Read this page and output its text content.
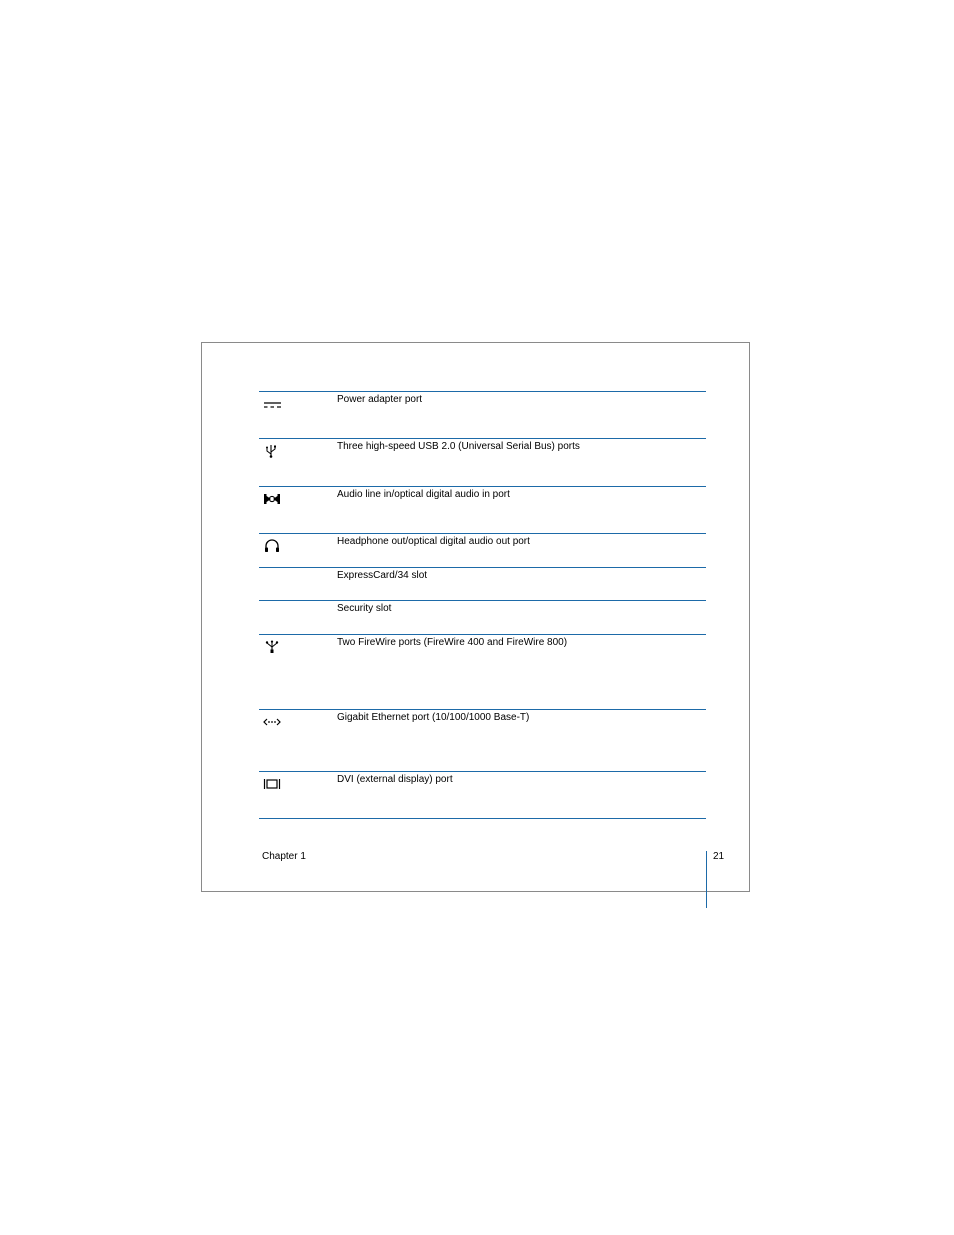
Power adapter port
Three high-speed USB 2.0 (Universal Serial Bus) ports
Audio line in/optical digital audio in port
Headphone out/optical digital audio out port
ExpressCard/34 slot
Security slot
Two FireWire ports (FireWire 400 and FireWire 800)
Gigabit Ethernet port (10/100/1000 Base-T)
DVI (external display) port
Chapter 1	21
